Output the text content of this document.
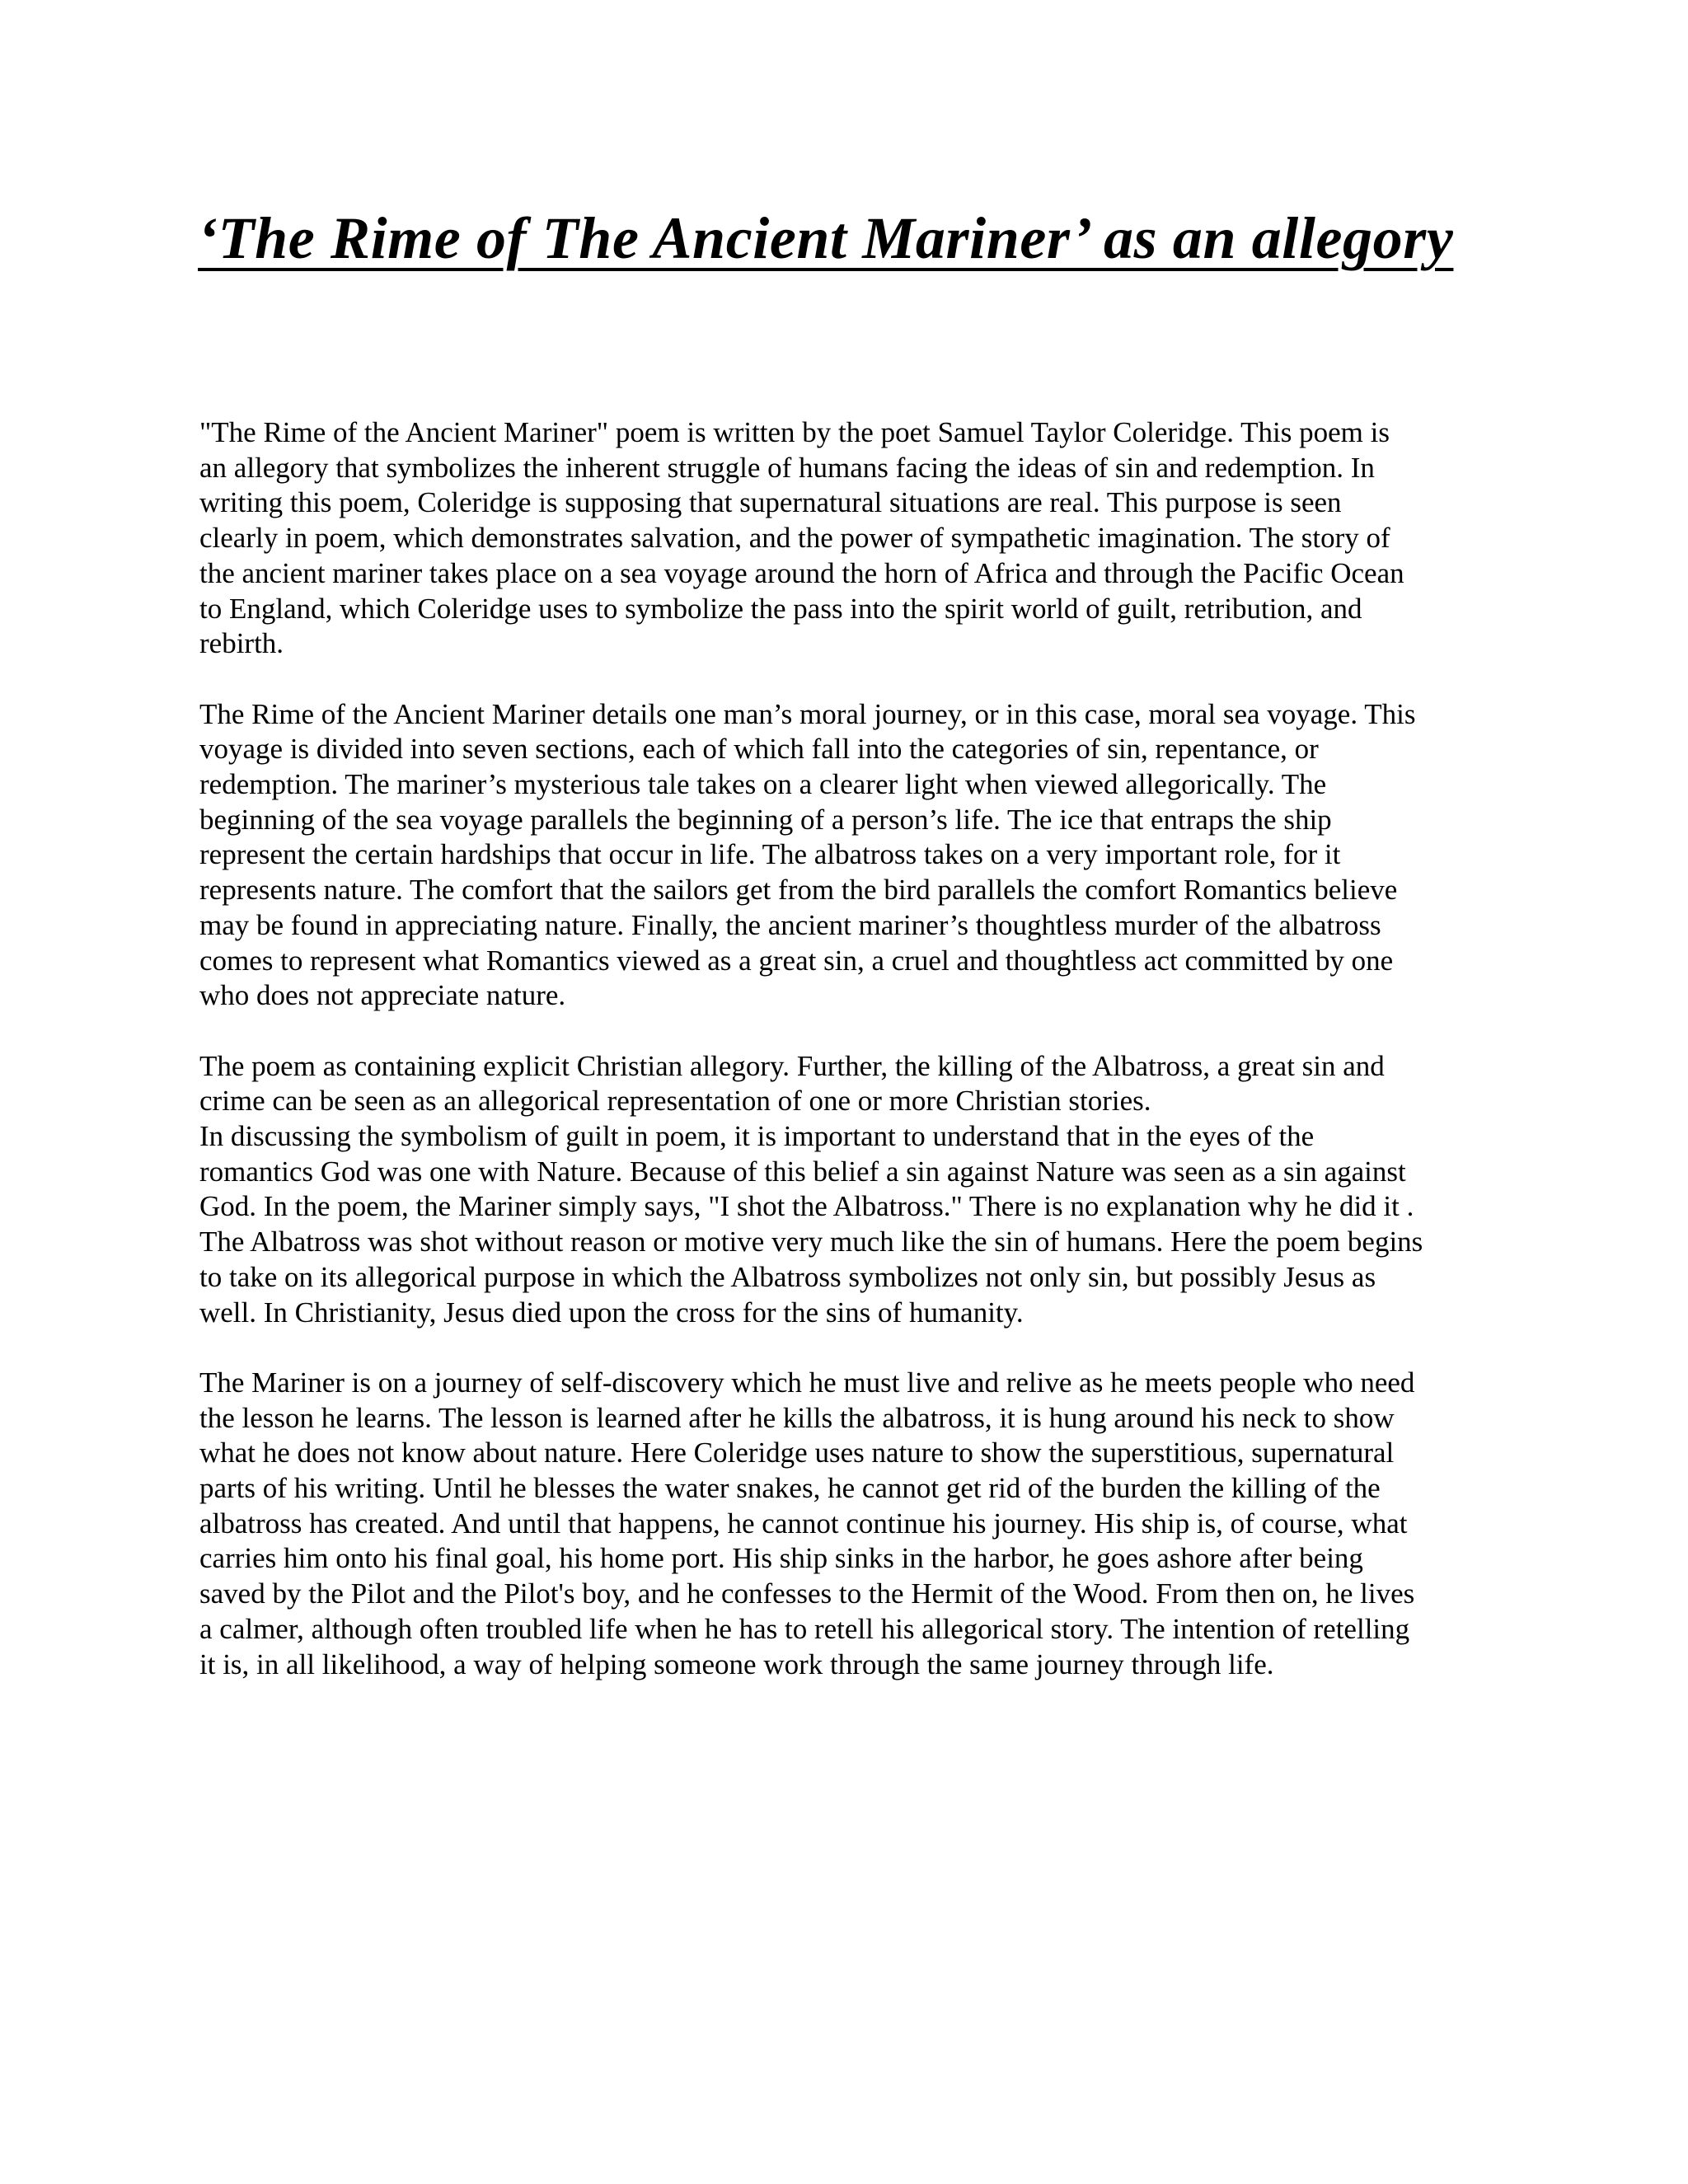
‘The Rime of The Ancient Mariner’ as an allegory

"The Rime of the Ancient Mariner" poem is written by the poet Samuel Taylor Coleridge. This poem is
an allegory that symbolizes the inherent struggle of humans facing the ideas of sin and redemption. In
writing this poem, Coleridge is supposing that supernatural situations are real. This purpose is seen
clearly in poem, which demonstrates salvation, and the power of sympathetic imagination. The story of
the ancient mariner takes place on a sea voyage around the horn of Africa and through the Pacific Ocean
to England, which Coleridge uses to symbolize the pass into the spirit world of guilt, retribution, and
rebirth.

The Rime of the Ancient Mariner details one man’s moral journey, or in this case, moral sea voyage. This
voyage is divided into seven sections, each of which fall into the categories of sin, repentance, or
redemption. The mariner’s mysterious tale takes on a clearer light when viewed allegorically. The
beginning of the sea voyage parallels the beginning of a person’s life. The ice that entraps the ship
represent the certain hardships that occur in life. The albatross takes on a very important role, for it
represents nature. The comfort that the sailors get from the bird parallels the comfort Romantics believe
may be found in appreciating nature. Finally, the ancient mariner’s thoughtless murder of the albatross
comes to represent what Romantics viewed as a great sin, a cruel and thoughtless act committed by one
who does not appreciate nature.

The poem as containing explicit Christian allegory. Further, the killing of the Albatross, a great sin and
crime can be seen as an allegorical representation of one or more Christian stories.
In discussing the symbolism of guilt in poem, it is important to understand that in the eyes of the
romantics God was one with Nature. Because of this belief a sin against Nature was seen as a sin against
God. In the poem, the Mariner simply says, "I shot the Albatross." There is no explanation why he did it .
The Albatross was shot without reason or motive very much like the sin of humans. Here the poem begins
to take on its allegorical purpose in which the Albatross symbolizes not only sin, but possibly Jesus as
well. In Christianity, Jesus died upon the cross for the sins of humanity.

The Mariner is on a journey of self-discovery which he must live and relive as he meets people who need
the lesson he learns. The lesson is learned after he kills the albatross, it is hung around his neck to show
what he does not know about nature. Here Coleridge uses nature to show the superstitious, supernatural
parts of his writing. Until he blesses the water snakes, he cannot get rid of the burden the killing of the
albatross has created. And until that happens, he cannot continue his journey. His ship is, of course, what
carries him onto his final goal, his home port. His ship sinks in the harbor, he goes ashore after being
saved by the Pilot and the Pilot's boy, and he confesses to the Hermit of the Wood. From then on, he lives
a calmer, although often troubled life when he has to retell his allegorical story. The intention of retelling
it is, in all likelihood, a way of helping someone work through the same journey through life.
